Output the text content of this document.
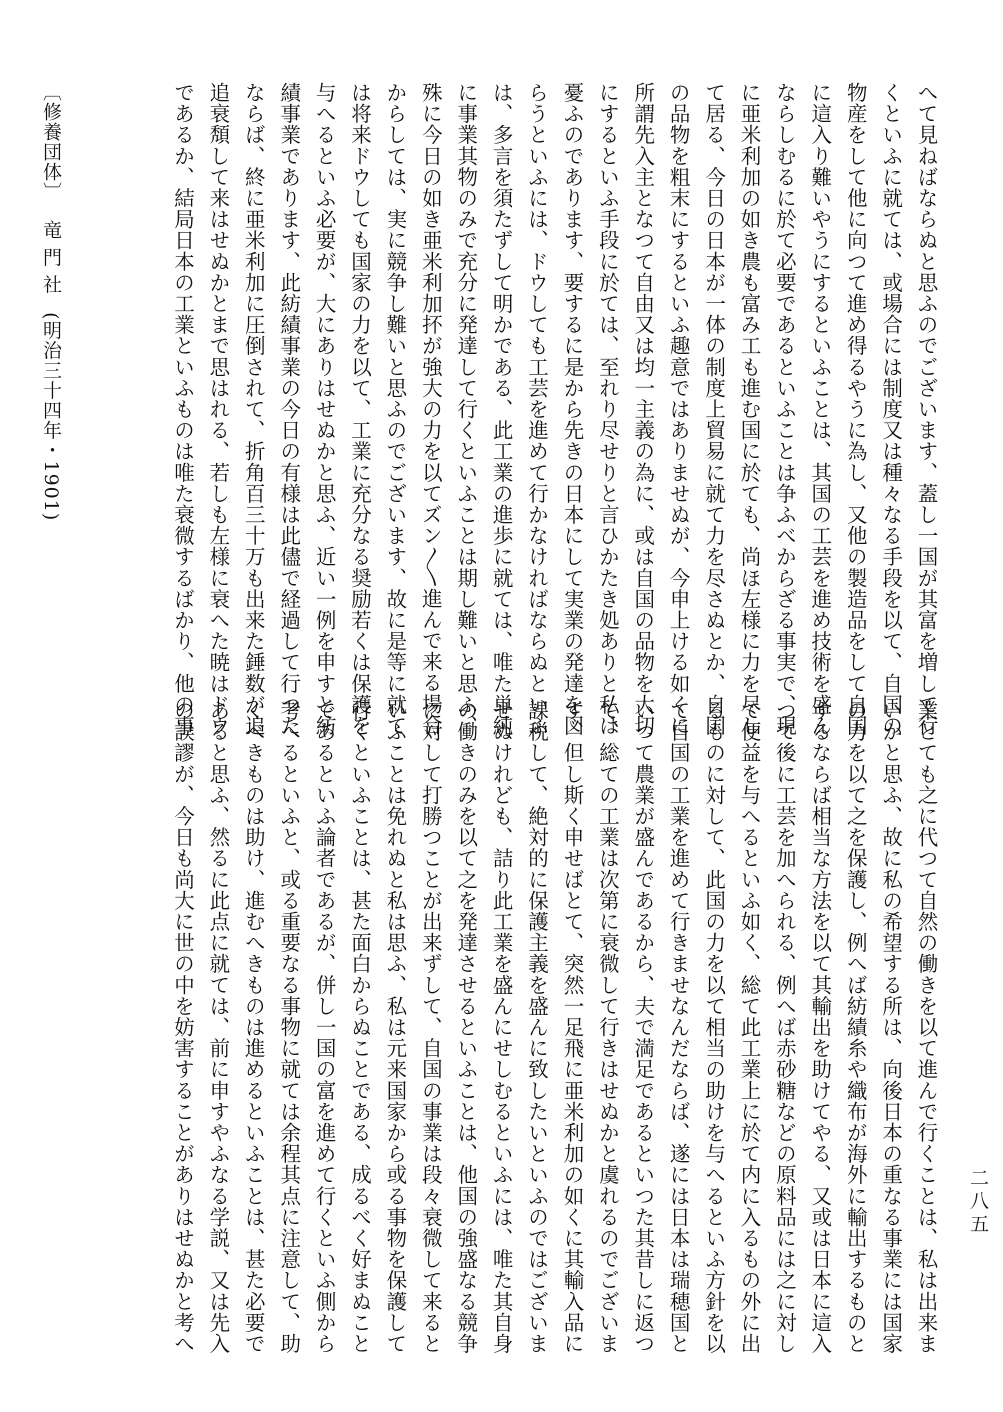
二八五
へて見ねばならぬと思ふのでございます、蓋し一国が其富を増して行
くといふに就ては、或場合には制度又は種々なる手段を以て、自国の
物産をして他に向つて進め得るやうに為し、又他の製造品をして自国
に這入り難いやうにするといふことは、其国の工芸を進め技術を盛ん
ならしむるに於て必要であるといふことは争ふべからざる事実で、現
に亜米利加の如き農も富み工も進む国に於ても、尚ほ左様に力を尽し
て居る、今日の日本が一体の制度上貿易に就て力を尽さぬとか、自国
の品物を粗末にするといふ趣意ではありませぬが、今申上ける如くに
所謂先入主となつて自由又は均一主義の為に、或は自国の品物を大切
にするといふ手段に於ては、至れり尽せりと言ひかたき処ありと私は
憂ふのであります、要するに是から先きの日本にして実業の発達を図
らうといふには、ドウしても工芸を進めて行かなければならぬといふ
は、多言を須たずして明かである、此工業の進歩に就ては、唯た単純
に事業其物のみで充分に発達して行くといふことは期し難いと思ふ、
殊に今日の如き亜米利加抔が強大の力を以てズン〳〵進んで来る場合
からしては、実に競争し難いと思ふのでございます、故に是等に就て
は将来ドウしても国家の力を以て、工業に充分なる奨励若くは保護を
与へるといふ必要が、大にありはせぬかと思ふ、近い一例を申すと紡
績事業であります、此紡績事業の今日の有様は此儘で経過して行つた
ならば、終に亜米利加に圧倒されて、折角百三十万も出来た錘数が追
追衰頽して来はせぬかとまで思はれる、若しも左様に衰へた暁はドウ
であるか、結局日本の工業といふものは唯た衰微するばかり、他の事
業とても之に代つて自然の働きを以て進んで行くことは、私は出来ま
いかと思ふ、故に私の希望する所は、向後日本の重なる事業には国家
の力を以て之を保護し、例へば紡績糸や織布が海外に輸出するものと
するならば相当な方法を以て其輸出を助けてやる、又或は日本に這入
つて後に工芸を加へられる、例へば赤砂糖などの原料品には之に対し
て便益を与へるといふ如く、総て此工業上に於て内に入るもの外に出
るものに対して、此国の力を以て相当の助けを与へるといふ方針を以
て自国の工業を進めて行きませなんだならば、遂には日本は瑞穂国と
いつて農業が盛んであるから、夫で満足であるといつた其昔しに返つ
て、総ての工業は次第に衰微して行きはせぬかと虞れるのでございま
す、但し斯く申せばとて、突然一足飛に亜米利加の如くに其輸入品に
課税して、絶対的に保護主義を盛んに致したいといふのではございま
せぬけれども、詰り此工業を盛んにせしむるといふには、唯た其自身
の働きのみを以て之を発達させるといふことは、他国の強盛なる競争
に対して打勝つことが出来ずして、自国の事業は段々衰微して来ると
いふことは免れぬと私は思ふ、私は元来国家から或る事物を保護して
行くといふことは、甚た面白からぬことである、成るべく好まぬこと
であるといふ論者であるが、併し一国の富を進めて行くといふ側から
考へるといふと、或る重要なる事物に就ては余程其点に注意して、助
くべきものは助け、進むへきものは進めるといふことは、甚た必要で
あると思ふ、然るに此点に就ては、前に申すやふなる学説、又は先入
の誤謬が、今日も尚大に世の中を妨害することがありはせぬかと考へ
〔修養団体〕竜 門 社(明治三十四年・1901)
